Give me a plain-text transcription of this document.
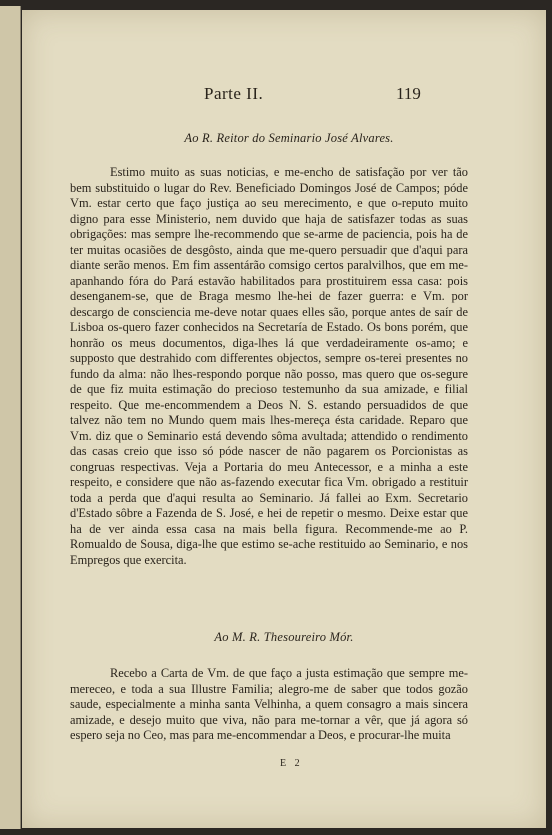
Parte II.	119
Ao R. Reitor do Seminario José Alvares.
Estimo muito as suas noticias, e me-encho de satisfação por ver tão bem substituido o lugar do Rev. Beneficiado Domingos José de Campos; póde Vm. estar certo que faço justiça ao seu merecimento, e que o-reputo muito digno para esse Ministerio, nem duvido que haja de satisfazer todas as suas obrigações: mas sempre lhe-recommendo que se-arme de paciencia, pois ha de ter muitas ocasiões de desgôsto, ainda que me-quero persuadir que d'aqui para diante serão menos. Em fim assentárão comsigo certos paralvilhos, que em me-apanhando fóra do Pará estavão habilitados para prostituirem essa casa: pois desenganem-se, que de Braga mesmo lhe-hei de fazer guerra: e Vm. por descargo de consciencia me-deve notar quaes elles são, porque antes de saír de Lisboa os-quero fazer conhecidos na Secretaría de Estado. Os bons porém, que honrão os meus documentos, diga-lhes lá que verdadeiramente os-amo; e supposto que destrahido com differentes objectos, sempre os-terei presentes no fundo da alma: não lhes-respondo porque não posso, mas quero que os-segure de que fiz muita estimação do precioso testemunho da sua amizade, e filial respeito. Que me-encommendem a Deos N. S. estando persuadidos de que talvez não tem no Mundo quem mais lhes-mereça ésta caridade. Reparo que Vm. diz que o Seminario está devendo sôma avultada; attendido o rendimento das casas creio que isso só póde nascer de não pagarem os Porcionistas as congruas respectivas. Veja a Portaria do meu Antecessor, e a minha a este respeito, e considere que não as-fazendo executar fica Vm. obrigado a restituir toda a perda que d'aqui resulta ao Seminario. Já fallei ao Exm. Secretario d'Estado sôbre a Fazenda de S. José, e hei de repetir o mesmo. Deixe estar que ha de ver ainda essa casa na mais bella figura. Recommende-me ao P. Romualdo de Sousa, diga-lhe que estimo se-ache restituido ao Seminario, e nos Empregos que exercita.
Ao M. R. Thesoureiro Mór.
Recebo a Carta de Vm. de que faço a justa estimação que sempre me-mereceo, e toda a sua Illustre Familia; alegro-me de saber que todos gozão saude, especialmente a minha santa Velhinha, a quem consagro a mais sincera amizade, e desejo muito que viva, não para me-tornar a vêr, que já agora só espero seja no Ceo, mas para me-encommendar a Deos, e procurar-lhe muita
E 2
